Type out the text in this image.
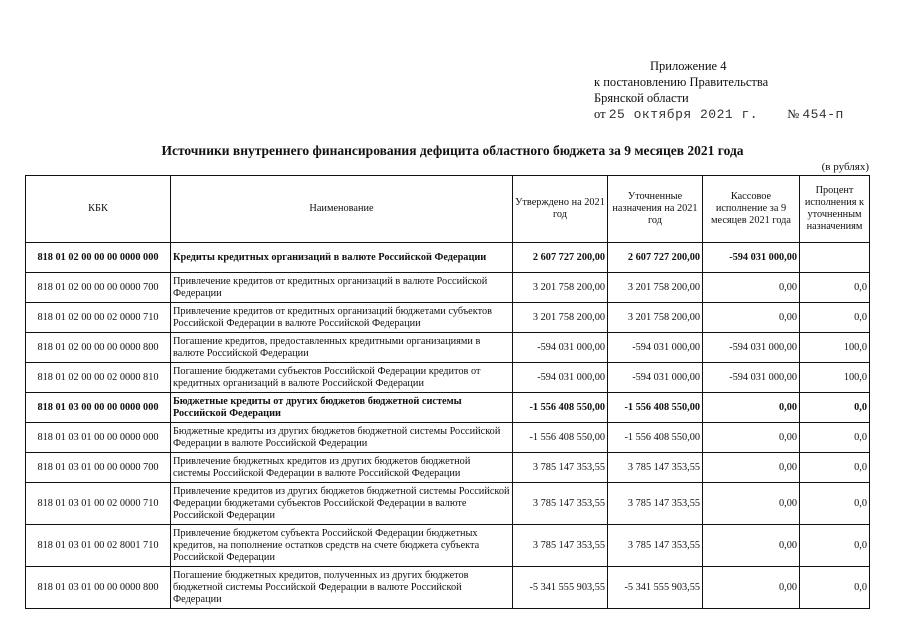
Приложение 4
к постановлению Правительства
Брянской области
от 25 октября 2021 г. № 454-п
Источники внутреннего финансирования дефицита областного бюджета за 9 месяцев 2021 года
(в рублях)
КБК	Наименование	Утверждено на 2021 год	Уточненные назначения на 2021 год	Кассовое исполнение за 9 месяцев 2021 года	Процент исполнения к уточненным назначениям
818 01 02 00 00 00 0000 000	Кредиты кредитных организаций в валюте Российской Федерации	2 607 727 200,00	2 607 727 200,00	-594 031 000,00	
818 01 02 00 00 00 0000 700	Привлечение кредитов от кредитных организаций в валюте Российской Федерации	3 201 758 200,00	3 201 758 200,00	0,00	0,0
818 01 02 00 00 02 0000 710	Привлечение кредитов от кредитных организаций бюджетами субъектов Российской Федерации в валюте Российской Федерации	3 201 758 200,00	3 201 758 200,00	0,00	0,0
818 01 02 00 00 00 0000 800	Погашение кредитов, предоставленных кредитными организациями в валюте Российской Федерации	-594 031 000,00	-594 031 000,00	-594 031 000,00	100,0
818 01 02 00 00 02 0000 810	Погашение бюджетами субъектов Российской Федерации кредитов от кредитных организаций в валюте Российской Федерации	-594 031 000,00	-594 031 000,00	-594 031 000,00	100,0
818 01 03 00 00 00 0000 000	Бюджетные кредиты от других бюджетов бюджетной системы Российской Федерации	-1 556 408 550,00	-1 556 408 550,00	0,00	0,0
818 01 03 01 00 00 0000 000	Бюджетные кредиты из других бюджетов бюджетной системы Российской Федерации в валюте Российской Федерации	-1 556 408 550,00	-1 556 408 550,00	0,00	0,0
818 01 03 01 00 00 0000 700	Привлечение бюджетных кредитов из других бюджетов бюджетной системы Российской Федерации в валюте Российской Федерации	3 785 147 353,55	3 785 147 353,55	0,00	0,0
818 01 03 01 00 02 0000 710	Привлечение кредитов из других бюджетов бюджетной системы Российской Федерации бюджетами субъектов Российской Федерации в валюте Российской Федерации	3 785 147 353,55	3 785 147 353,55	0,00	0,0
818 01 03 01 00 02 8001 710	Привлечение бюджетом субъекта Российской Федерации бюджетных кредитов, на пополнение остатков средств на счете бюджета субъекта Российской Федерации	3 785 147 353,55	3 785 147 353,55	0,00	0,0
818 01 03 01 00 00 0000 800	Погашение бюджетных кредитов, полученных из других бюджетов бюджетной системы Российской Федерации в валюте Российской Федерации	-5 341 555 903,55	-5 341 555 903,55	0,00	0,0
